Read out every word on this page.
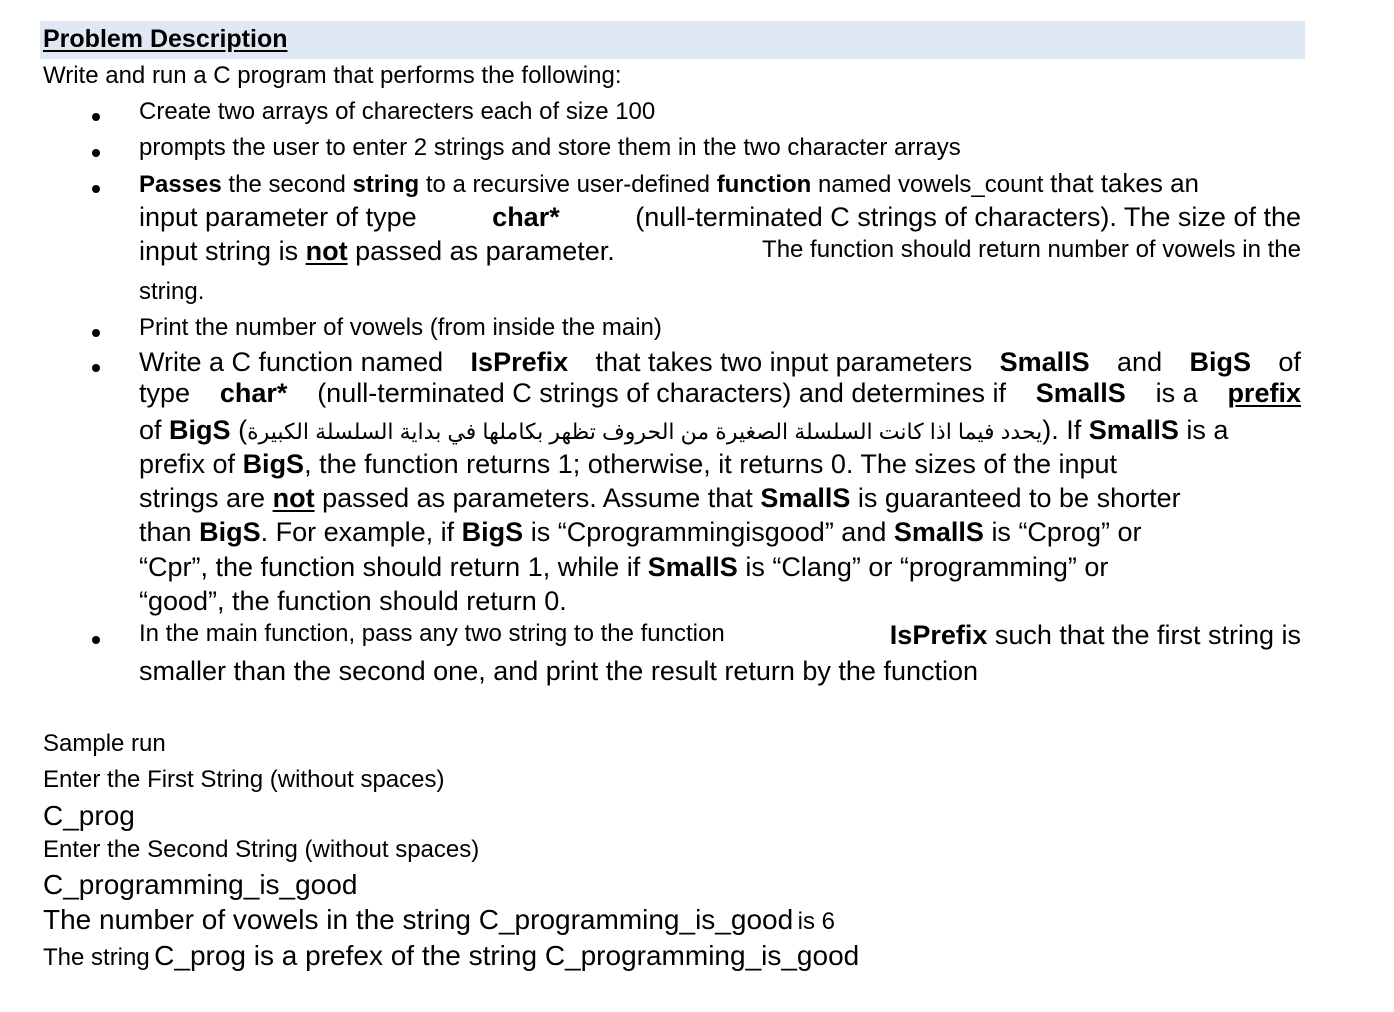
Problem Description
Write and run a C program that performs the following:
Create two arrays of charecters each of size 100
prompts the user to enter 2 strings and store them in the two character arrays
Passes the second string to a recursive user-defined function named vowels_count that takes an
input parameter of type	char*	(null-terminated C strings of characters). The size of the
input string is not passed as parameter.	The function should return number of vowels in the
string.
Print the number of vowels (from inside the main)
Write a C function named IsPrefix that takes two input parameters SmallS and BigS of
type char* (null-terminated C strings of characters) and determines if SmallS is a prefix
of BigS (يحدد فيما اذا كانت السلسلة الصغيرة من الحروف تظهر بكاملها في بداية السلسلة الكبيرة). If SmallS is a
prefix of BigS, the function returns 1; otherwise, it returns 0. The sizes of the input
strings are not passed as parameters. Assume that SmallS is guaranteed to be shorter
than BigS. For example, if BigS is “Cprogrammingisgood” and SmallS is “Cprog” or
“Cpr”, the function should return 1, while if SmallS is “Clang” or “programming” or
“good”, the function should return 0.
In the main function, pass any two string to the function	IsPrefix such that the first string is
smaller than the second one, and print the result return by the function
Sample run
Enter the First String (without spaces)
C_prog
Enter the Second String (without spaces)
C_programming_is_good
The number of vowels in the string C_programming_is_good is 6
The string C_prog is a prefex of the string C_programming_is_good
